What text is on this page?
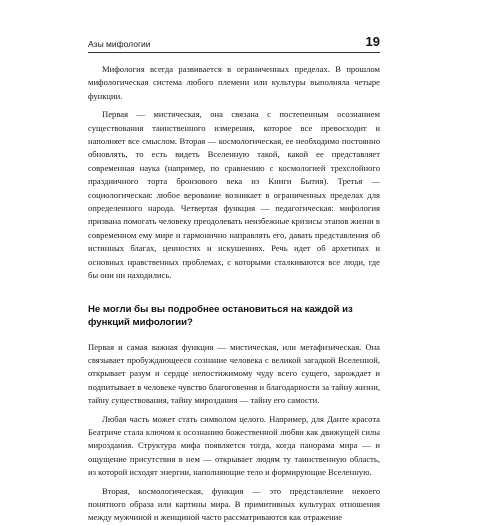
Азы мифологии	19

Мифология всегда развивается в ограниченных пределах. В прошлом мифологическая система любого племени или культуры выполняла четыре функции.

Первая — мистическая, она связана с постепенным осознанием существования таинственного измерения, которое все превосходит и наполняет все смыслом. Вторая — космологическая, ее необходимо постоянно обновлять, то есть видеть Вселенную такой, какой ее представляет современная наука (например, по сравнению с космологией трехслойного праздничного торта бронзового века из Книги Бытия). Третья — социологическая: любое верование возникает в ограниченных пределах для определенного народа. Четвертая функция — педагогическая: мифология призвана помогать человеку преодолевать неизбежные кризисы этапов жизни в современном ему мире и гармонично направлять его, давать представления об истинных благах, ценностях и искушениях. Речь идет об архетипах и основных нравственных проблемах, с которыми сталкиваются все люди, где бы они ни находились.

Не могли бы вы подробнее остановиться на каждой из функций мифологии?

Первая и самая важная функция — мистическая, или метафизическая. Она связывает пробуждающееся сознание человека с великой загадкой Вселенной, открывает разум и сердце непостижимому чуду всего сущего, зарождает и подпитывает в человеке чувство благоговения и благодарности за тайну жизни, тайну существования, тайну мироздания — тайну его самости.

Любая часть может стать символом целого. Например, для Данте красота Беатриче стала ключом к осознанию божественной любви как движущей силы мироздания. Структура мифа появляется тогда, когда панорама мира — и ощущение присутствия в нем — открывает людям ту таинственную область, из которой исходят энергии, наполняющие тело и формирующие Вселенную.

Вторая, космологическая, функция — это представление некоего понятного образа или картины мира. В примитивных культурах отношения между мужчиной и женщиной часто рассматриваются как отражение
